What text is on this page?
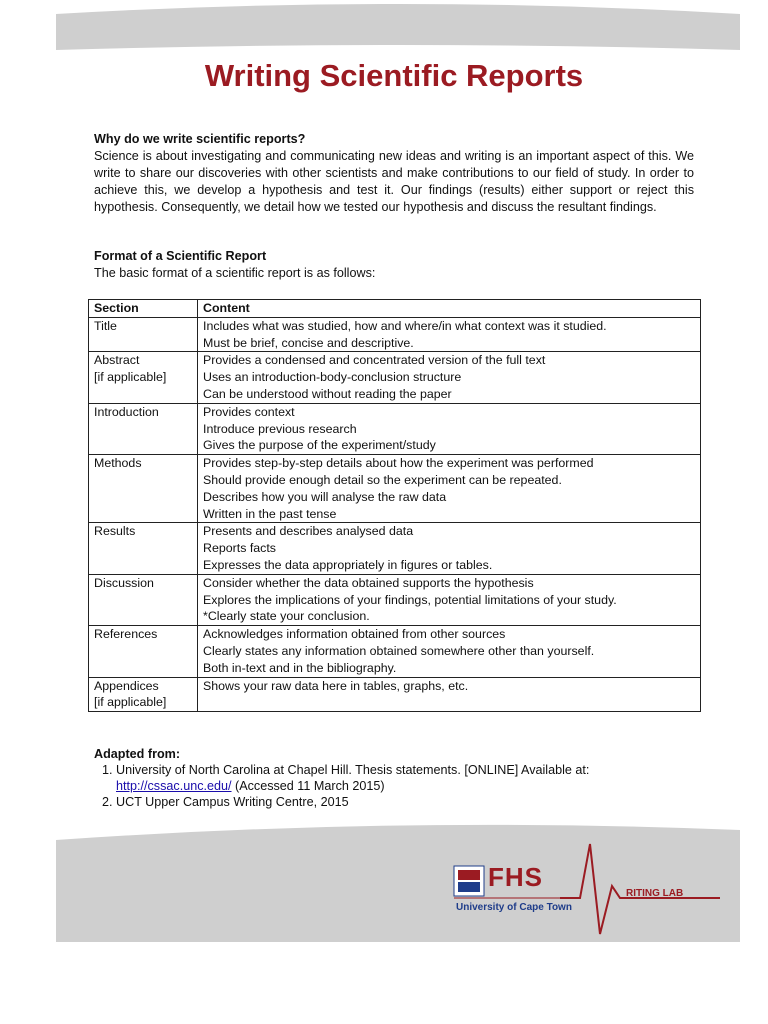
Writing Scientific Reports
Why do we write scientific reports?
Science is about investigating and communicating new ideas and writing is an important aspect of this. We write to share our discoveries with other scientists and make contributions to our field of study. In order to achieve this, we develop a hypothesis and test it. Our findings (results) either support or reject this hypothesis. Consequently, we detail how we tested our hypothesis and discuss the resultant findings.
Format of a Scientific Report
The basic format of a scientific report is as follows:
Section	Content

Title	Includes what was studied, how and where/in what context was it studied.
Must be brief, concise and descriptive.

Abstract
[if applicable]	Provides a condensed and concentrated version of the full text
Uses an introduction-body-conclusion structure
Can be understood without reading the paper

Introduction	Provides context
Introduce previous research
Gives the purpose of the experiment/study

Methods	Provides step-by-step details about how the experiment was performed
Should provide enough detail so the experiment can be repeated.
Describes how you will analyse the raw data
Written in the past tense

Results	Presents and describes analysed data
Reports facts
Expresses the data appropriately in figures or tables.

Discussion	Consider whether the data obtained supports the hypothesis
Explores the implications of your findings, potential limitations of your study.
*Clearly state your conclusion.

References	Acknowledges information obtained from other sources
Clearly states any information obtained somewhere other than yourself.
Both in-text and in the bibliography.

Appendices
[if applicable]	Shows your raw data here in tables, graphs, etc.
Adapted from:
1. University of North Carolina at Chapel Hill. Thesis statements. [ONLINE] Available at:
http://cssac.unc.edu/ (Accessed 11 March 2015)
2. UCT Upper Campus Writing Centre, 2015
FHS
University of Cape Town
RITING LAB
